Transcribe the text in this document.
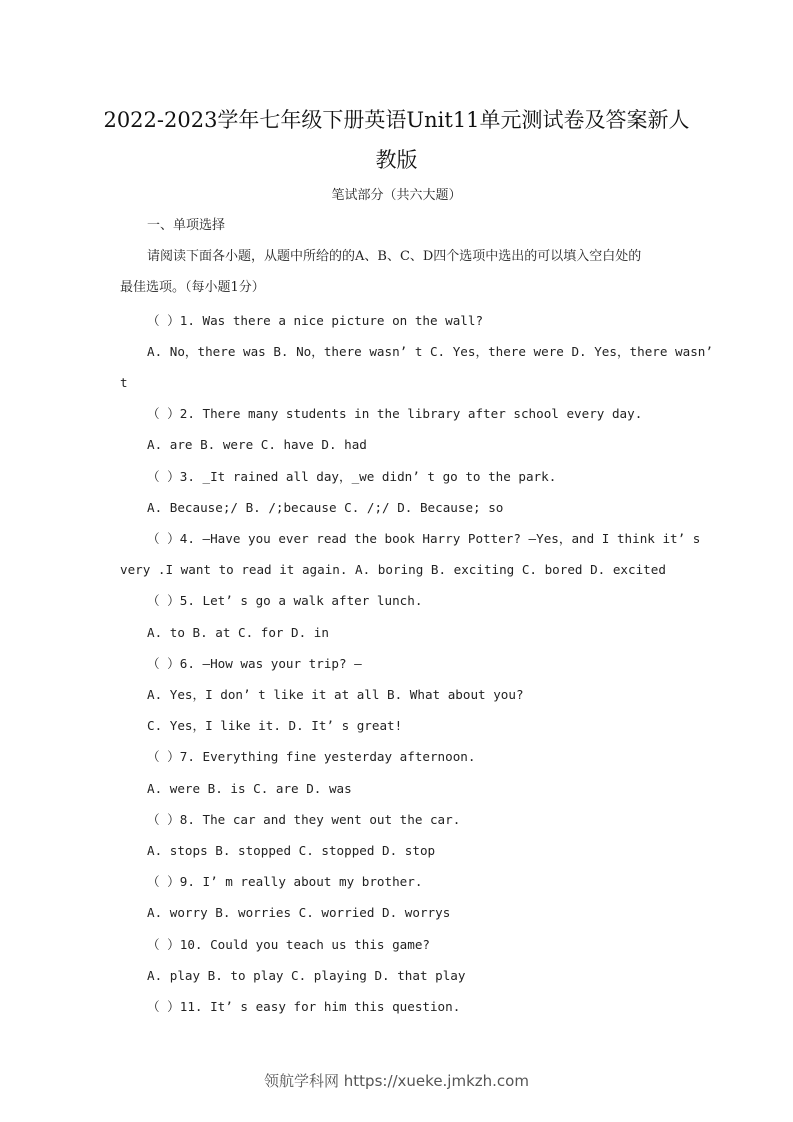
2022-2023学年七年级下册英语Unit11单元测试卷及答案新人教版
笔试部分（共六大题）
一、单项选择
请阅读下面各小题，从题中所给的的A、B、C、D四个选项中选出的可以填入空白处的
最佳选项。（每小题1分）
（ ）1. Was there a nice picture on the wall?
A. No，there was B. No，there wasn’ t C. Yes，there were D. Yes，there wasn’
t
（ ）2. There many students in the library after school every day.
A. are B. were C. have D. had
（ ）3. _It rained all day，_we didn’ t go to the park.
A. Because;/ B. /;because C. /;/ D. Because; so
（ ）4. —Have you ever read the book Harry Potter? —Yes，and I think it’ s
very .I want to read it again. A. boring B. exciting C. bored D. excited
（ ）5. Let’ s go a walk after lunch.
A. to B. at C. for D. in
（ ）6. —How was your trip? —
A. Yes，I don’ t like it at all B. What about you?
C. Yes，I like it. D. It’ s great!
（ ）7. Everything fine yesterday afternoon.
A. were B. is C. are D. was
（ ）8. The car and they went out the car.
A. stops B. stopped C. stopped D. stop
（ ）9. I’ m really about my brother.
A. worry B. worries C. worried D. worrys
（ ）10. Could you teach us this game?
A. play B. to play C. playing D. that play
（ ）11. It’ s easy for him this question.
领航学科网 https://xueke.jmkzh.com
